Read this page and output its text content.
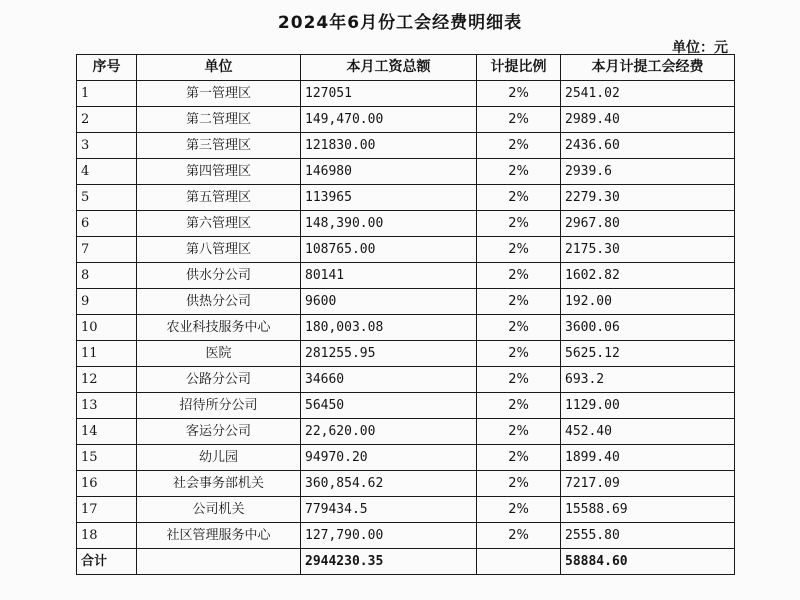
2024年6月份工会经费明细表
单位：元
序号	单位	本月工资总额	计提比例	本月计提工会经费
1	第一管理区	127051	2%	2541.02
2	第二管理区	149,470.00	2%	2989.40
3	第三管理区	121830.00	2%	2436.60
4	第四管理区	146980	2%	2939.6
5	第五管理区	113965	2%	2279.30
6	第六管理区	148,390.00	2%	2967.80
7	第八管理区	108765.00	2%	2175.30
8	供水分公司	80141	2%	1602.82
9	供热分公司	9600	2%	192.00
10	农业科技服务中心	180,003.08	2%	3600.06
11	医院	281255.95	2%	5625.12
12	公路分公司	34660	2%	693.2
13	招待所分公司	56450	2%	1129.00
14	客运分公司	22,620.00	2%	452.40
15	幼儿园	94970.20	2%	1899.40
16	社会事务部机关	360,854.62	2%	7217.09
17	公司机关	779434.5	2%	15588.69
18	社区管理服务中心	127,790.00	2%	2555.80
合计		2944230.35		58884.60
